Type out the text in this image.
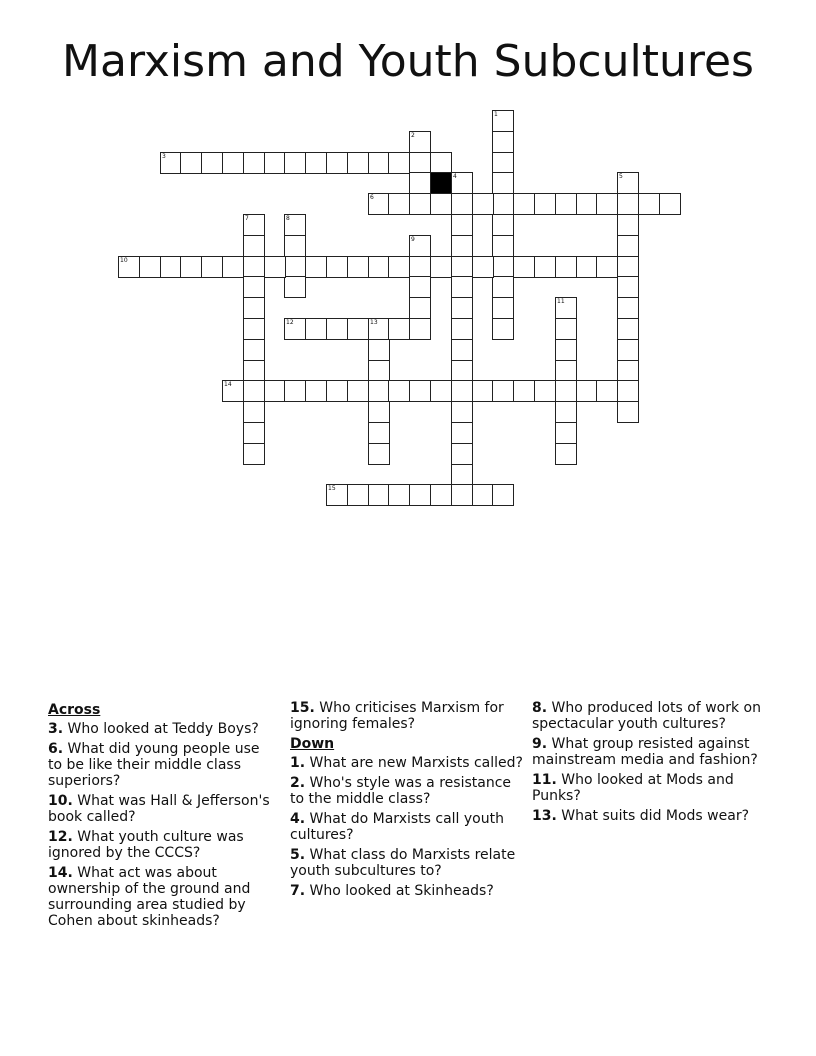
Marxism and Youth Subcultures
1
2
3
4	5
6
7	8
9
10
11
12	13
14
15
Across
3. Who looked at Teddy Boys?
6. What did young people use to be like their middle class superiors?
10. What was Hall & Jefferson's book called?
12. What youth culture was ignored by the CCCS?
14. What act was about ownership of the ground and surrounding area studied by Cohen about skinheads?
15. Who criticises Marxism for ignoring females?
Down
1. What are new Marxists called?
2. Who's style was a resistance to the middle class?
4. What do Marxists call youth cultures?
5. What class do Marxists relate youth subcultures to?
7. Who looked at Skinheads?
8. Who produced lots of work on spectacular youth cultures?
9. What group resisted against mainstream media and fashion?
11. Who looked at Mods and Punks?
13. What suits did Mods wear?
